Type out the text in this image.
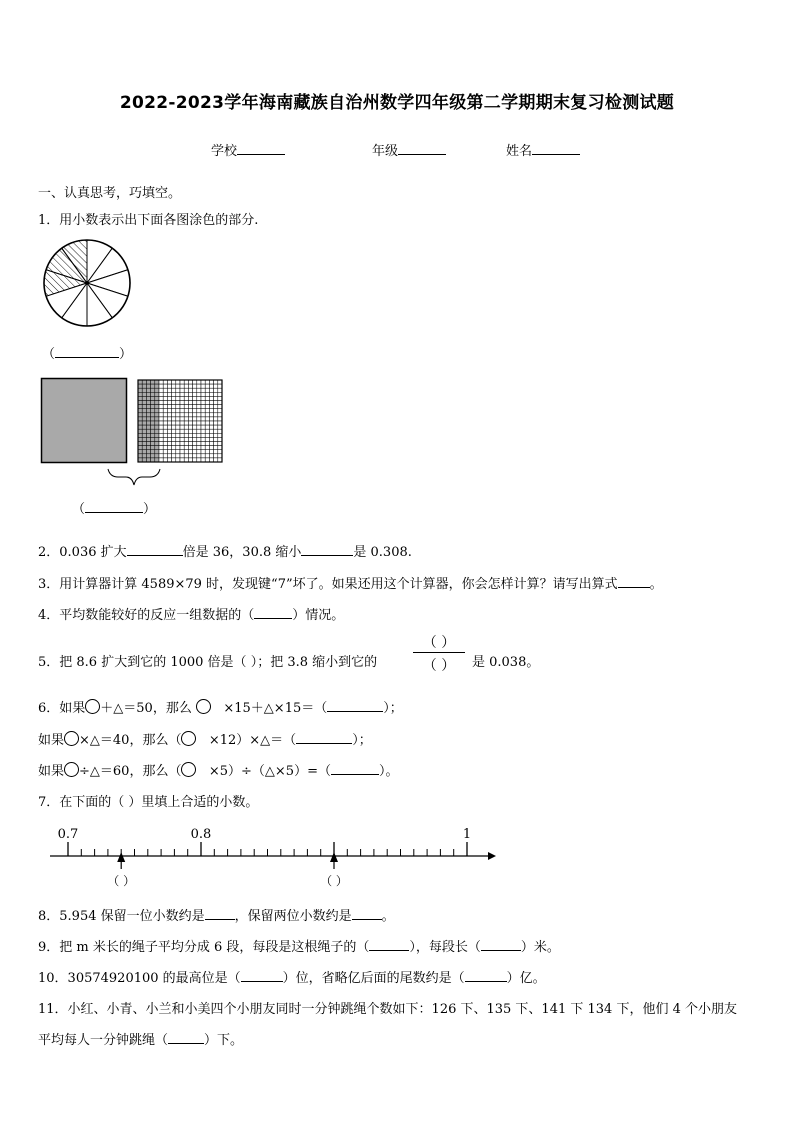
2022-2023学年海南藏族自治州数学四年级第二学期期末复习检测试题
学校	年级	姓名
一、认真思考，巧填空。
1．用小数表示出下面各图涂色的部分.
（	）
（	）
2．0.036 扩大	倍是 36，30.8 缩小	是 0.308.
3．用计算器计算 4589×79 时，发现键“7”坏了。如果还用这个计算器，你会怎样计算？请写出算式 。
4．平均数能较好的反应一组数据的（	）情况。
5．把 8.6 扩大到它的 1000 倍是（ ）；把 3.8 缩小到它的
（ ）
（ ）	是 0.038。
6．如果 ＋△＝50，那么 ×15＋△×15＝（	）；
如果 ×△＝40，那么（ ×12）×△＝（	）；
如果 ÷△＝60，那么（ ×5）÷（△×5）=（	）。
7．在下面的（ ）里填上合适的小数。
0.7	0.8	1
（ ）	（ ）
8．5.954 保留一位小数约是 ，保留两位小数约是 。
9．把 m 米长的绳子平均分成 6 段，每段是这根绳子的（	），每段长（	）米。
10．30574920100 的最高位是（	）位，省略亿后面的尾数约是（	）亿。
11．小红、小青、小兰和小美四个小朋友同时一分钟跳绳个数如下：126 下、135 下、141 下 134 下，他们 4 个小朋友
平均每人一分钟跳绳（	）下。
